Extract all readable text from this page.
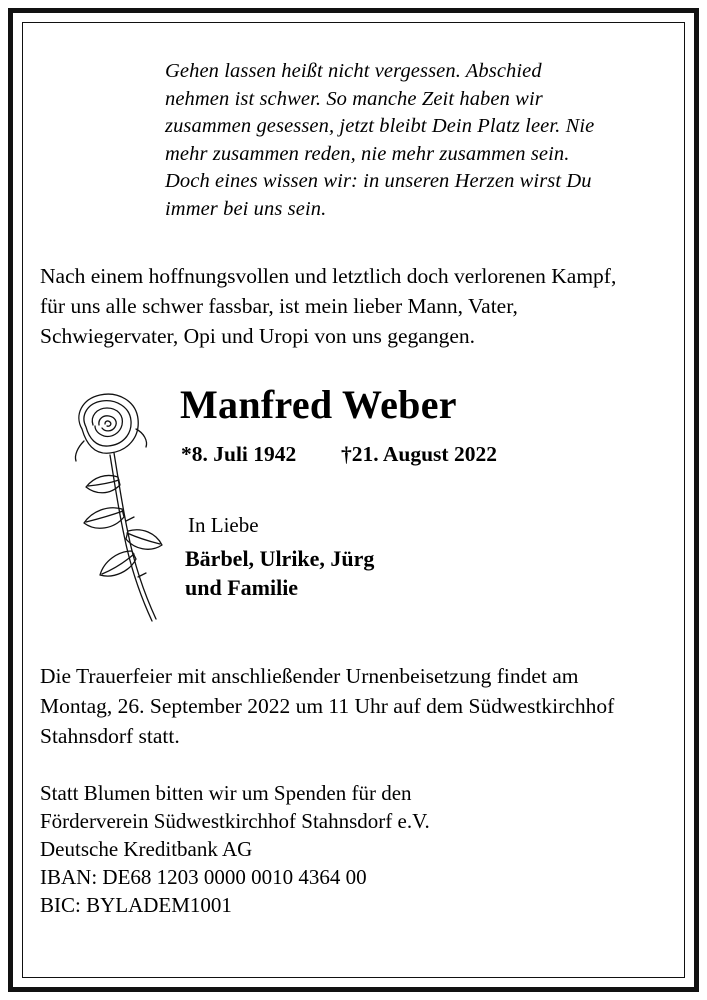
Gehen lassen heißt nicht vergessen. Abschied nehmen ist schwer. So manche Zeit haben wir zusammen gesessen, jetzt bleibt Dein Platz leer. Nie mehr zusammen reden, nie mehr zusammen sein. Doch eines wissen wir: in unseren Herzen wirst Du immer bei uns sein.
Nach einem hoffnungsvollen und letztlich doch verlorenen Kampf, für uns alle schwer fassbar, ist mein lieber Mann, Vater, Schwiegervater, Opi und Uropi von uns gegangen.
Manfred Weber
*8. Juli 1942 †21. August 2022
In Liebe
Bärbel, Ulrike, Jürg
und Familie
Die Trauerfeier mit anschließender Urnenbeisetzung findet am Montag, 26. September 2022 um 11 Uhr auf dem Südwestkirchhof Stahnsdorf statt.
Statt Blumen bitten wir um Spenden für den
Förderverein Südwestkirchhof Stahnsdorf e.V.
Deutsche Kreditbank AG
IBAN: DE68 1203 0000 0010 4364 00
BIC: BYLADEM1001
